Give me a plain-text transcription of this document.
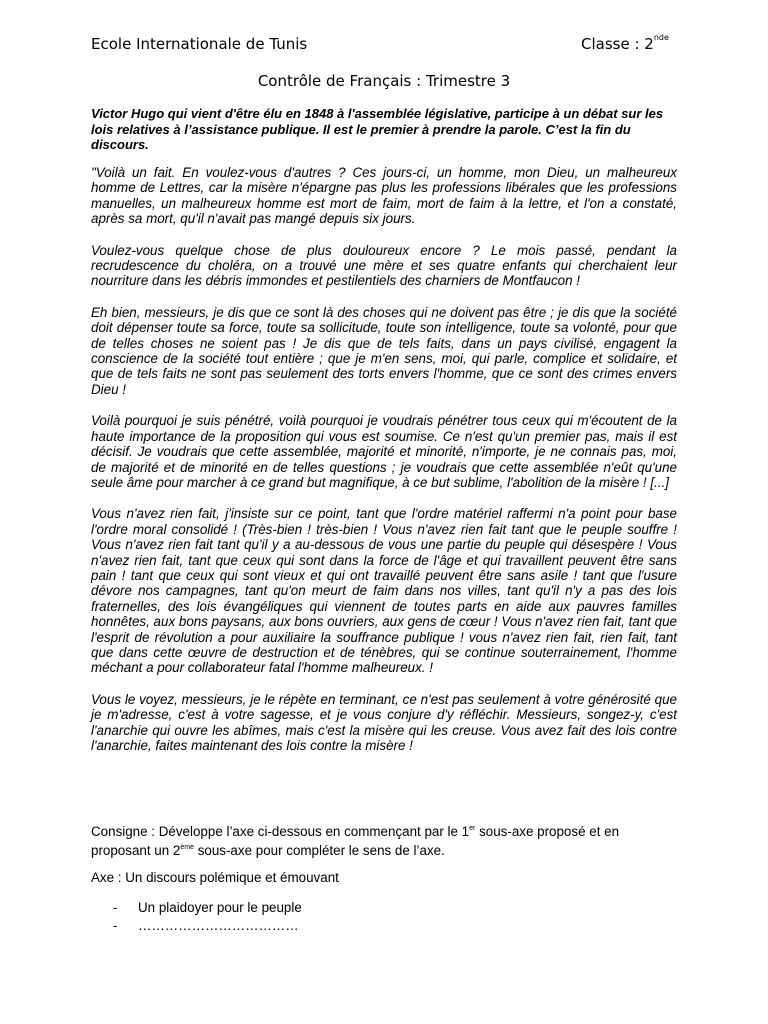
Ecole Internationale de Tunis	Classe : 2nde
Contrôle de Français : Trimestre 3
Victor Hugo qui vient d'être élu en 1848 à l'assemblée législative, participe à un débat sur les lois relatives à l’assistance publique. Il est le premier à prendre la parole. C’est la fin du discours.

"Voilà un fait. En voulez-vous d'autres ? Ces jours-ci, un homme, mon Dieu, un malheureux homme de Lettres, car la misère n'épargne pas plus les professions libérales que les professions manuelles, un malheureux homme est mort de faim, mort de faim à la lettre, et l'on a constaté, après sa mort, qu'il n'avait pas mangé depuis six jours.

Voulez-vous quelque chose de plus douloureux encore ? Le mois passé, pendant la recrudescence du choléra, on a trouvé une mère et ses quatre enfants qui cherchaient leur nourriture dans les débris immondes et pestilentiels des charniers de Montfaucon !

Eh bien, messieurs, je dis que ce sont là des choses qui ne doivent pas être ; je dis que la société doit dépenser toute sa force, toute sa sollicitude, toute son intelligence, toute sa volonté, pour que de telles choses ne soient pas ! Je dis que de tels faits, dans un pays civilisé, engagent la conscience de la société tout entière ; que je m'en sens, moi, qui parle, complice et solidaire, et que de tels faits ne sont pas seulement des torts envers l'homme, que ce sont des crimes envers Dieu !

Voilà pourquoi je suis pénétré, voilà pourquoi je voudrais pénétrer tous ceux qui m'écoutent de la haute importance de la proposition qui vous est soumise. Ce n'est qu'un premier pas, mais il est décisif. Je voudrais que cette assemblée, majorité et minorité, n'importe, je ne connais pas, moi, de majorité et de minorité en de telles questions ; je voudrais que cette assemblée n'eût qu'une seule âme pour marcher à ce grand but magnifique, à ce but sublime, l'abolition de la misère ! [...]

Vous n'avez rien fait, j'insiste sur ce point, tant que l'ordre matériel raffermi n'a point pour base l'ordre moral consolidé ! (Très-bien ! très-bien ! Vous n'avez rien fait tant que le peuple souffre ! Vous n'avez rien fait tant qu'il y a au-dessous de vous une partie du peuple qui désespère ! Vous n'avez rien fait, tant que ceux qui sont dans la force de l'âge et qui travaillent peuvent être sans pain ! tant que ceux qui sont vieux et qui ont travaillé peuvent être sans asile ! tant que l'usure dévore nos campagnes, tant qu'on meurt de faim dans nos villes, tant qu'il n'y a pas des lois fraternelles, des lois évangéliques qui viennent de toutes parts en aide aux pauvres familles honnêtes, aux bons paysans, aux bons ouvriers, aux gens de cœur ! Vous n'avez rien fait, tant que l'esprit de révolution a pour auxiliaire la souffrance publique ! vous n'avez rien fait, rien fait, tant que dans cette œuvre de destruction et de ténèbres, qui se continue souterrainement, l'homme méchant a pour collaborateur fatal l'homme malheureux. !

Vous le voyez, messieurs, je le répète en terminant, ce n'est pas seulement à votre générosité que je m'adresse, c'est à votre sagesse, et je vous conjure d'y réfléchir. Messieurs, songez-y, c'est l'anarchie qui ouvre les abîmes, mais c'est la misère qui les creuse. Vous avez fait des lois contre l'anarchie, faites maintenant des lois contre la misère !

Consigne : Développe l’axe ci-dessous en commençant par le 1er sous-axe proposé et en proposant un 2ème sous-axe pour compléter le sens de l’axe.
Axe : Un discours polémique et émouvant
-	Un plaidoyer pour le peuple
-	………………………………
